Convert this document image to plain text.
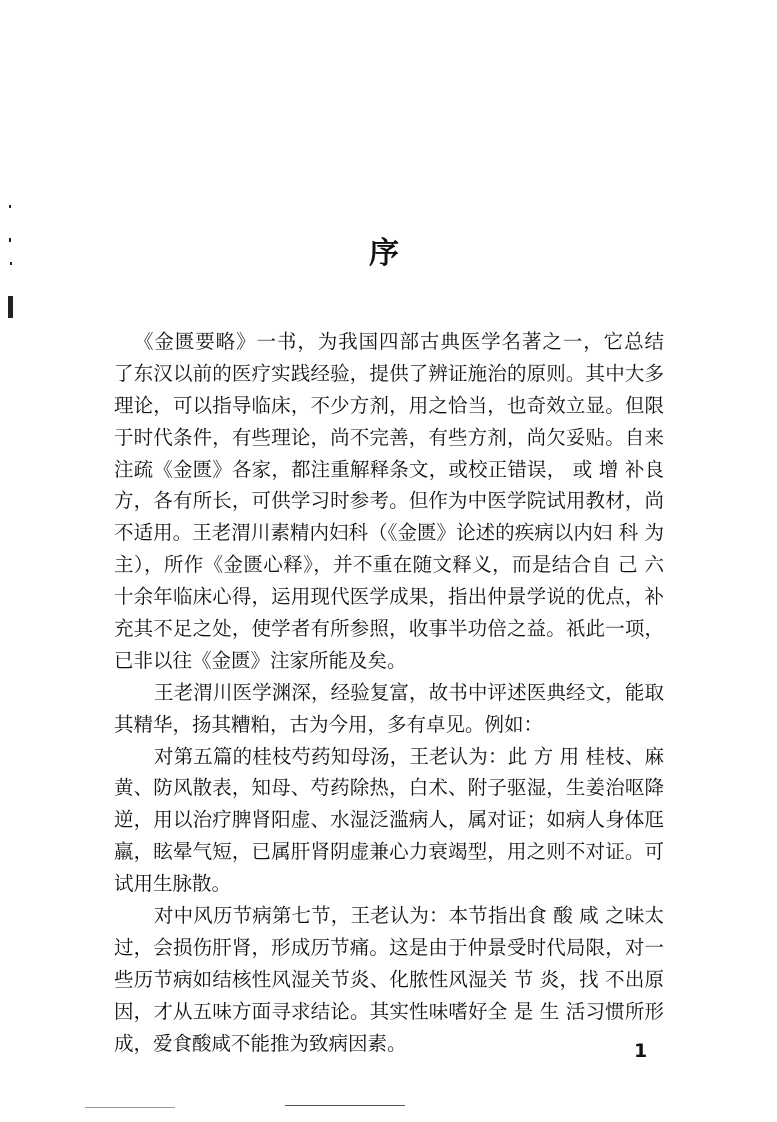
序
《金匮要略》一书，为我国四部古典医学名著之一，它总结
了东汉以前的医疗实践经验，提供了辨证施治的原则。其中大多
理论，可以指导临床，不少方剂，用之恰当，也奇效立显。但限
于时代条件，有些理论，尚不完善，有些方剂，尚欠妥贴。自来
注疏《金匮》各家，都注重解释条文，或校正错误， 或 增 补良
方，各有所长，可供学习时参考。但作为中医学院试用教材，尚
不适用。王老渭川素精内妇科（《金匮》论述的疾病以内妇 科 为
主），所作《金匮心释》，并不重在随文释义，而是结合自 己 六
十余年临床心得，运用现代医学成果，指出仲景学说的优点，补
充其不足之处，使学者有所参照，收事半功倍之益。祇此一项，
已非以往《金匮》注家所能及矣。
王老渭川医学渊深，经验复富，故书中评述医典经文，能取
其精华，扬其糟粕，古为今用，多有卓见。例如：
对第五篇的桂枝芍药知母汤，王老认为：此 方 用 桂枝、麻
黄、防风散表，知母、芍药除热，白术、附子驱湿，生姜治呕降
逆，用以治疗脾肾阳虚、水湿泛滥病人，属对证；如病人身体尫
羸，眩晕气短，已属肝肾阴虚兼心力衰竭型，用之则不对证。可
试用生脉散。
对中风历节病第七节，王老认为：本节指出食 酸 咸 之味太
过，会损伤肝肾，形成历节痛。这是由于仲景受时代局限，对一
些历节病如结核性风湿关节炎、化脓性风湿关 节 炎，找 不出原
因，才从五味方面寻求结论。其实性味嗜好全 是 生 活习惯所形
成，爱食酸咸不能推为致病因素。	1
